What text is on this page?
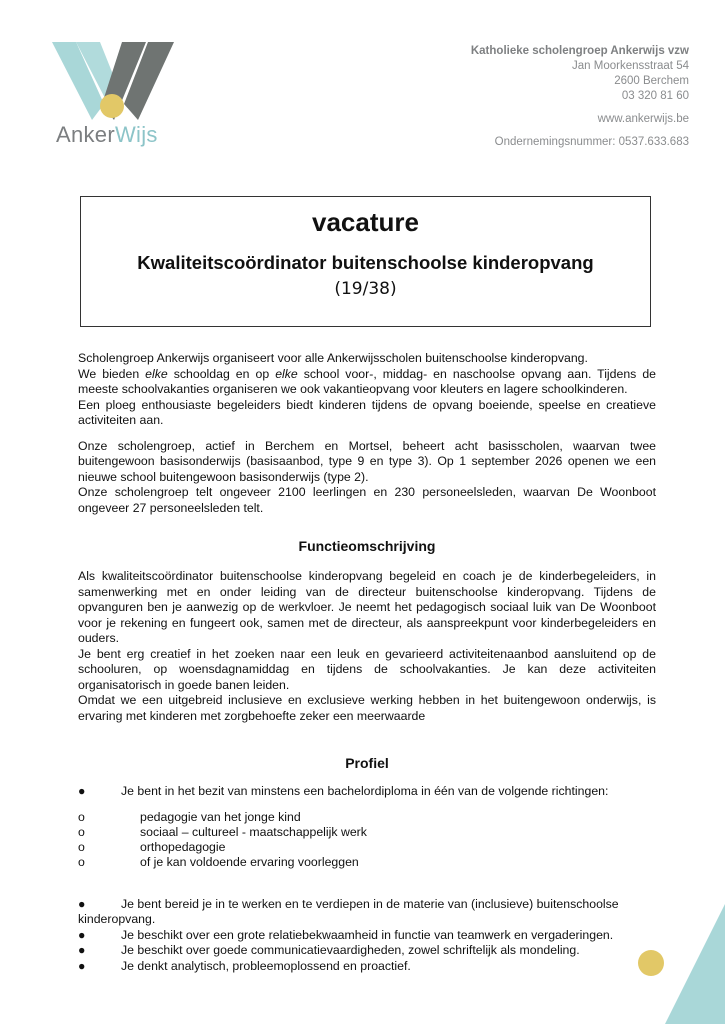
AnkerWijs
Katholieke scholengroep Ankerwijs vzw
Jan Moorkensstraat 54
2600 Berchem
03 320 81 60
www.ankerwijs.be
Ondernemingsnummer: 0537.633.683
vacature
Kwaliteitscoördinator buitenschoolse kinderopvang
(19/38)

Scholengroep Ankerwijs organiseert voor alle Ankerwijsscholen buitenschoolse kinderopvang.

We bieden elke schooldag en op elke school voor-, middag- en naschoolse opvang aan. Tijdens de meeste schoolvakanties organiseren we ook vakantieopvang voor kleuters en lagere schoolkinderen.

Een ploeg enthousiaste begeleiders biedt kinderen tijdens de opvang boeiende, speelse en creatieve activiteiten aan.

Onze scholengroep, actief in Berchem en Mortsel, beheert acht basisscholen, waarvan twee buitengewoon basisonderwijs (basisaanbod, type 9 en type 3). Op 1 september 2026 openen we een nieuwe school buitengewoon basisonderwijs (type 2).

Onze scholengroep telt ongeveer 2100 leerlingen en 230 personeelsleden, waarvan De Woonboot ongeveer 27 personeelsleden telt.

Functieomschrijving

Als kwaliteitscoördinator buitenschoolse kinderopvang begeleid en coach je de kinderbegeleiders, in samenwerking met en onder leiding van de directeur buitenschoolse kinderopvang. Tijdens de opvanguren ben je aanwezig op de werkvloer. Je neemt het pedagogisch sociaal luik van De Woonboot voor je rekening en fungeert ook, samen met de directeur, als aanspreekpunt voor kinderbegeleiders en ouders.

Je bent erg creatief in het zoeken naar een leuk en gevarieerd activiteitenaanbod aansluitend op de schooluren, op woensdagnamiddag en tijdens de schoolvakanties. Je kan deze activiteiten organisatorisch in goede banen leiden.

Omdat we een uitgebreid inclusieve en exclusieve werking hebben in het buitengewoon onderwijs, is ervaring met kinderen met zorgbehoefte zeker een meerwaarde

Profiel
●	Je bent in het bezit van minstens een bachelordiploma in één van de volgende richtingen:
o	pedagogie van het jonge kind
o	sociaal – cultureel - maatschappelijk werk
o	orthopedagogie
o	of je kan voldoende ervaring voorleggen

●	Je bent bereid je in te werken en te verdiepen in de materie van (inclusieve) buitenschoolse kinderopvang.

●	Je beschikt over een grote relatiebekwaamheid in functie van teamwerk en vergaderingen.
●	Je beschikt over goede communicatievaardigheden, zowel schriftelijk als mondeling.
●	Je denkt analytisch, probleemoplossend en proactief.
